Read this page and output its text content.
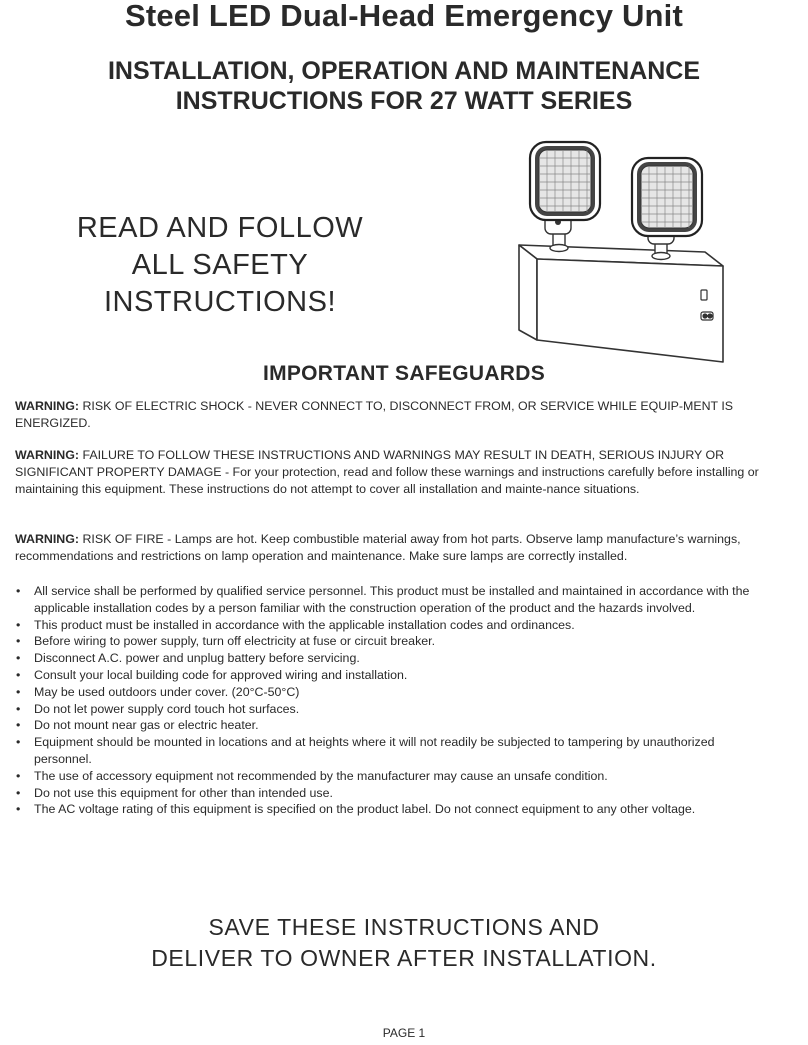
Steel LED Dual-Head Emergency Unit
INSTALLATION, OPERATION AND MAINTENANCE
INSTRUCTIONS FOR 27 WATT SERIES
READ AND FOLLOW
ALL SAFETY
INSTRUCTIONS!
IMPORTANT SAFEGUARDS
WARNING: RISK OF ELECTRIC SHOCK - NEVER CONNECT TO, DISCONNECT FROM, OR SERVICE WHILE EQUIP-MENT IS ENERGIZED.
WARNING: FAILURE TO FOLLOW THESE INSTRUCTIONS AND WARNINGS MAY RESULT IN DEATH, SERIOUS INJURY OR SIGNIFICANT PROPERTY DAMAGE - For your protection, read and follow these warnings and instructions carefully before installing or maintaining this equipment. These instructions do not attempt to cover all installation and mainte-nance situations.
WARNING: RISK OF FIRE - Lamps are hot. Keep combustible material away from hot parts. Observe lamp manufacture’s warnings, recommendations and restrictions on lamp operation and maintenance. Make sure lamps are correctly installed.
• All service shall be performed by qualified service personnel. This product must be installed and maintained in accordance with the applicable installation codes by a person familiar with the construction operation of the product and the hazards involved.
• This product must be installed in accordance with the applicable installation codes and ordinances.
• Before wiring to power supply, turn off electricity at fuse or circuit breaker.
• Disconnect A.C. power and unplug battery before servicing.
• Consult your local building code for approved wiring and installation.
• May be used outdoors under cover. (20°C-50°C)
• Do not let power supply cord touch hot surfaces.
• Do not mount near gas or electric heater.
• Equipment should be mounted in locations and at heights where it will not readily be subjected to tampering by unauthorized personnel.
• The use of accessory equipment not recommended by the manufacturer may cause an unsafe condition.
• Do not use this equipment for other than intended use.
• The AC voltage rating of this equipment is specified on the product label. Do not connect equipment to any other voltage.
SAVE THESE INSTRUCTIONS AND
DELIVER TO OWNER AFTER INSTALLATION.
PAGE 1
